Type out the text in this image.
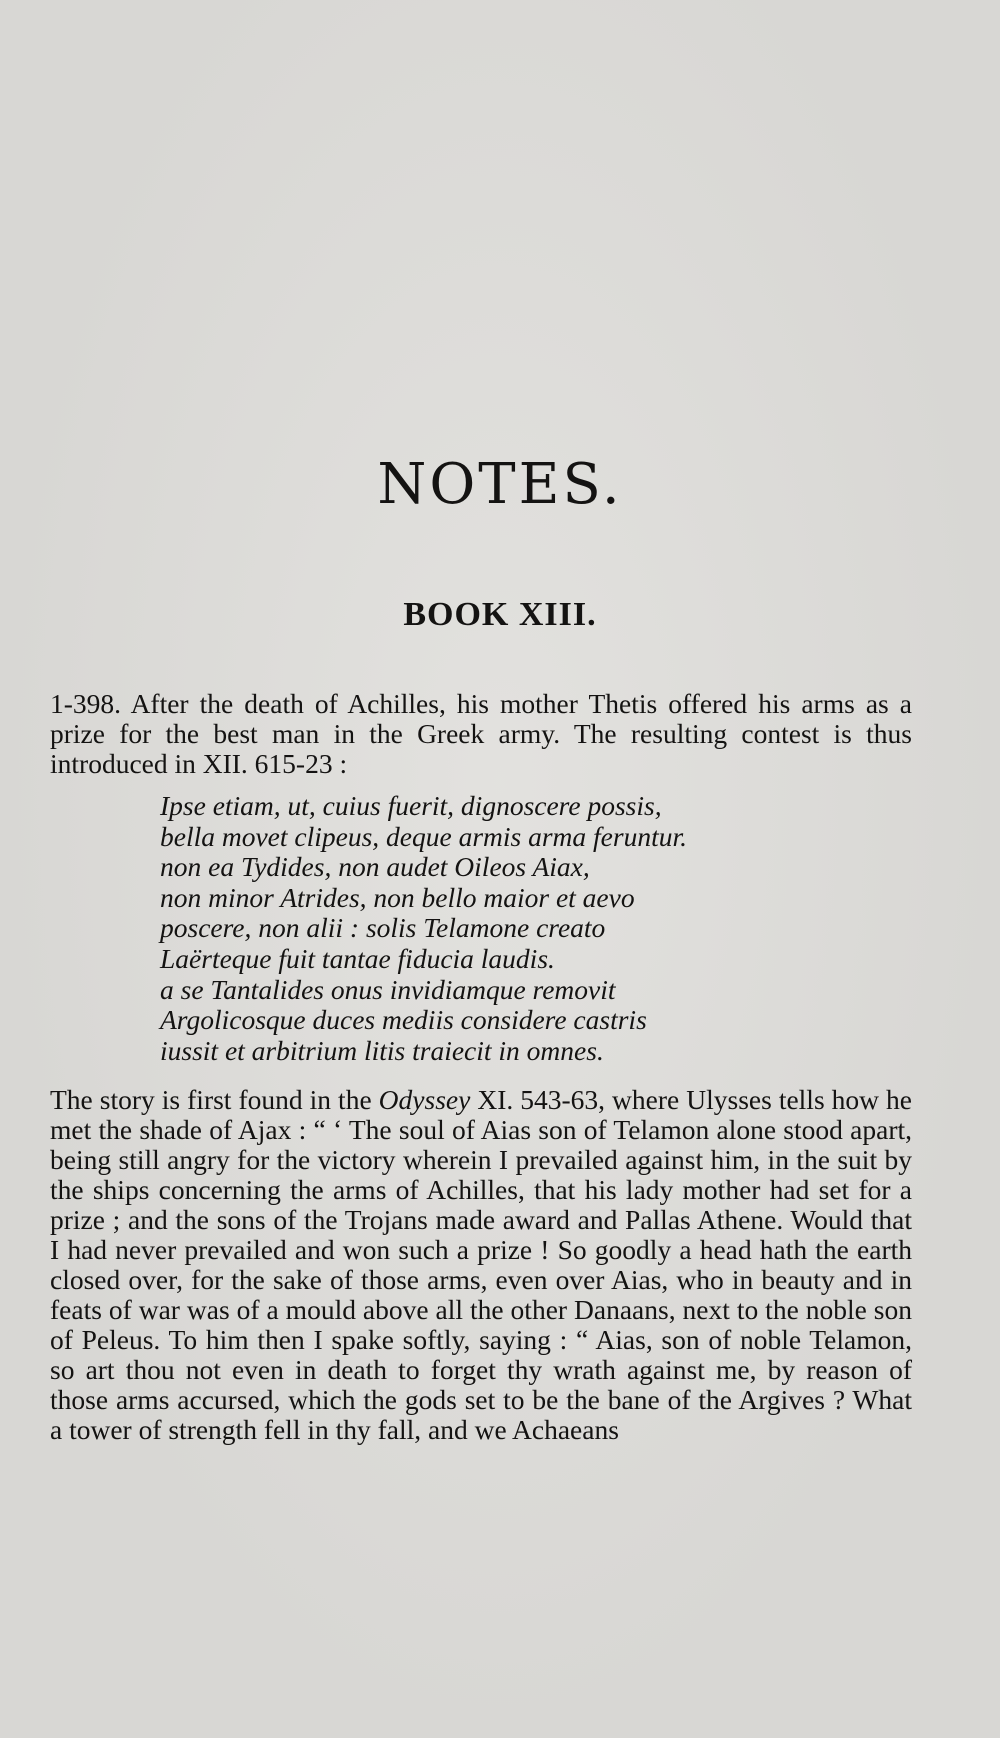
NOTES.
BOOK XIII.

1-398. After the death of Achilles, his mother Thetis offered his arms as a prize for the best man in the Greek army. The resulting contest is thus introduced in XII. 615-23 :

Ipse etiam, ut, cuius fuerit, dignoscere possis,
bella movet clipeus, deque armis arma feruntur.
non ea Tydides, non audet Oileos Aiax,
non minor Atrides, non bello maior et aevo
poscere, non alii : solis Telamone creato
Laërteque fuit tantae fiducia laudis.
a se Tantalides onus invidiamque removit
Argolicosque duces mediis considere castris
iussit et arbitrium litis traiecit in omnes.

The story is first found in the Odyssey XI. 543-63, where Ulysses tells how he met the shade of Ajax : “ ‘ The soul of Aias son of Telamon alone stood apart, being still angry for the victory wherein I prevailed against him, in the suit by the ships concerning the arms of Achilles, that his lady mother had set for a prize ; and the sons of the Trojans made award and Pallas Athene. Would that I had never prevailed and won such a prize ! So goodly a head hath the earth closed over, for the sake of those arms, even over Aias, who in beauty and in feats of war was of a mould above all the other Danaans, next to the noble son of Peleus. To him then I spake softly, saying : “ Aias, son of noble Telamon, so art thou not even in death to forget thy wrath against me, by reason of those arms accursed, which the gods set to be the bane of the Argives ? What a tower of strength fell in thy fall, and we Achaeans
